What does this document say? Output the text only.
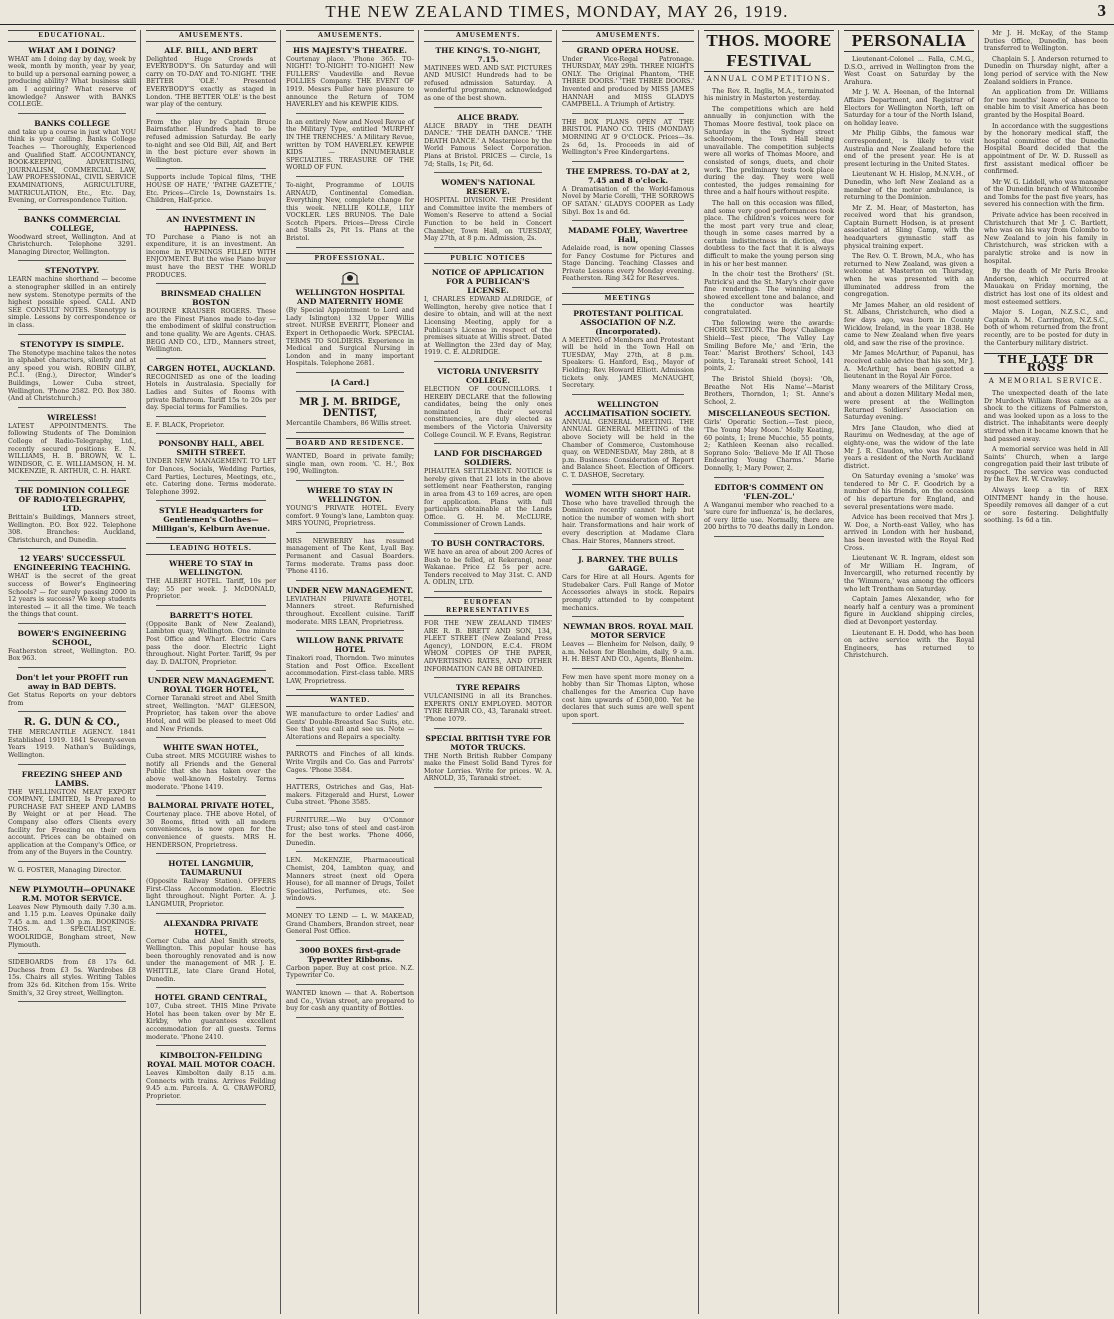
THE NEW ZEALAND TIMES, MONDAY, MAY 26, 1919.	3
EDUCATIONAL.
WHAT AM I DOING?
WHAT am I doing day by day, week by week, month by month, year by year, to build up a personal earning power, a producing ability? What business skill am I acquiring? What reserve of knowledge? Answer with BANKS COLLEGE.
BANKS COLLEGE
and take up a course in just what YOU think is your calling. Banks College Teaches — Thoroughly, Experienced and Qualified Staff. ACCOUNTANCY, BOOK-KEEPING, ADVERTISING, JOURNALISM, COMMERCIAL LAW, LAW PROFESSIONAL, CIVIL SERVICE EXAMINATIONS, AGRICULTURE, MATRICULATION, Etc., Etc. Day, Evening, or Correspondence Tuition.
BANKS COMMERCIAL COLLEGE,
Woodward street, Wellington. And at Christchurch. Telephone 3291. Managing Director, Wellington.
STENOTYPY.
LEARN machine shorthand — become a stenographer skilled in an entirely new system. Stenotype permits of the highest possible speed. CALL AND SEE CONSULT NOTES. Stenotypy is simple. Lessons by correspondence or in class.
STENOTYPY IS SIMPLE.
The Stenotype machine takes the notes in alphabet characters, silently and at any speed you wish. ROBIN GILBY, P.C.I. (Eng.), Director, Winder's Buildings, Lower Cuba street, Wellington. 'Phone 2582. P.O. Box 380. (And at Christchurch.)
WIRELESS!
LATEST APPOINTMENTS. The following Students of The Dominion College of Radio-Telegraphy, Ltd., recently secured positions: E. N. WILLIAMS, H. B. BROWN, W. L. WINDSOR, C. E. WILLIAMSON, H. M. MCKENZIE, R. ARTHUR, C. H. HART.
THE DOMINION COLLEGE OF RADIO-TELEGRAPHY, LTD.
Brittain's Buildings, Manners street, Wellington. P.O. Box 922. Telephone 308. Branches: Auckland, Christchurch, and Dunedin.
12 YEARS' SUCCESSFUL ENGINEERING TEACHING.
WHAT is the secret of the great success of Bower's Engineering Schools? — for surely passing 2000 in 12 years is success? We keep students interested — it all the time. We teach the things that count.
BOWER'S ENGINEERING SCHOOL,
Featherston street, Wellington. P.O. Box 963.
Don't let your PROFIT run away in BAD DEBTS.
Get Status Reports on your debtors from
R. G. DUN & CO.,
THE MERCANTILE AGENCY. 1841 Established 1919. 1841 Seventy-seven Years 1919. Nathan's Buildings, Wellington.
FREEZING SHEEP AND LAMBS.
THE WELLINGTON MEAT EXPORT COMPANY, LIMITED, Is Prepared to PURCHASE FAT SHEEP AND LAMBS By Weight or at per Head. The Company also offers Clients every facility for Freezing on their own account. Prices can be obtained on application at the Company's Office, or from any of the Buyers in the Country.
W. G. FOSTER, Managing Director.
NEW PLYMOUTH—OPUNAKE R.M. MOTOR SERVICE.
Leaves New Plymouth daily 7.30 a.m. and 1.15 p.m. Leaves Opunake daily 7.45 a.m. and 1.30 p.m. BOOKINGS: THOS. A. SPECIALIST, E. WOOLRIDGE, Bongham street, New Plymouth.
SIDEBOARDS from £8 17s 6d. Duchess from £3 5s. Wardrobes £8 15s. Chairs all styles. Writing Tables from 32s 6d. Kitchen from 15s. Write Smith's, 32 Grey street, Wellington.
AMUSEMENTS.
ALF. BILL, AND BERT
Delighted Huge Crowds at EVERYBODY'S. On Saturday and will carry on TO-DAY and TO-NIGHT. 'THE BETTER 'OLE.' Presented EVERYBODY'S exactly as staged in London. 'THE BETTER 'OLE' is the best war play of the century.
From the play by Captain Bruce Bairnsfather. Hundreds had to be refused admission Saturday. Be early to-night and see Old Bill, Alf, and Bert in the best picture ever shown in Wellington.
Supports include Topical films, 'THE HOUSE OF HATE,' 'PATHE GAZETTE,' Etc. Prices—Circle 1s, Downstairs 1s. Children, Half-price.
AN INVESTMENT IN HAPPINESS.
TO Purchase a Piano is not an expenditure, it is an investment. An income in EVENINGS FILLED WITH ENJOYMENT. But the wise Piano buyer must have the BEST THE WORLD PRODUCES.
BRINSMEAD CHALLEN BOSTON
BOURNE KRAUSER ROGERS. These are the Finest Pianos made to-day — the embodiment of skilful construction and tone quality. We are Agents. CHAS. BEGG AND CO., LTD., Manners street, Wellington.
CARGEN HOTEL, AUCKLAND.
RECOGNISED as one of the leading Hotels in Australasia. Specially for Ladies and Suites of Rooms with private Bathroom. Tariff 15s to 20s per day. Special terms for Families.
E. F. BLACK, Proprietor.
PONSONBY HALL, ABEL SMITH STREET.
UNDER NEW MANAGEMENT. TO LET for Dances, Socials, Wedding Parties, Card Parties, Lectures, Meetings, etc., etc. Catering done. Terms moderate. Telephone 3992.
STYLE Headquarters for Gentlemen's Clothes—Milligan's, Kelburn Avenue.
LEADING HOTELS.
WHERE TO STAY in WELLINGTON.
THE ALBERT HOTEL. Tariff, 10s per day; 55 per week. J. McDONALD, Proprietor.
BARRETT'S HOTEL
(Opposite Bank of New Zealand), Lambton quay, Wellington. One minute Post Office and Wharf. Electric Cars pass the door. Electric Light throughout. Night Porter. Tariff, 9s per day. D. DALTON, Proprietor.
UNDER NEW MANAGEMENT. ROYAL TIGER HOTEL,
Corner Taranaki street and Abel Smith street, Wellington. 'MAT' GLEESON, Proprietor, has taken over the above Hotel, and will be pleased to meet Old and New Friends.
WHITE SWAN HOTEL,
Cuba street. MRS MCGUIRE wishes to notify all Friends and the General Public that she has taken over the above well-known Hostelry. Terms moderate. 'Phone 1419.
BALMORAL PRIVATE HOTEL,
Courtenay place. THE above Hotel, of 30 Rooms, fitted with all modern conveniences, is now open for the convenience of guests. MRS H. HENDERSON, Proprietress.
HOTEL LANGMUIR, TAUMARUNUI
(Opposite Railway Station). OFFERS First-Class Accommodation. Electric light throughout. Night Porter. A. J. LANGMUIR, Proprietor.
ALEXANDRA PRIVATE HOTEL,
Corner Cuba and Abel Smith streets, Wellington. This popular house has been thoroughly renovated and is now under the management of MR J. E. WHITTLE, late Clare Grand Hotel, Dunedin.
HOTEL GRAND CENTRAL,
107, Cuba street. THIS Mine Private Hotel has been taken over by Mr E. Kirkby, who guarantees excellent accommodation for all guests. Terms moderate. 'Phone 2410.
KIMBOLTON-FEILDING ROYAL MAIL MOTOR COACH.
Leaves Kimbolton daily 8.15 a.m. Connects with trains. Arrives Feilding 9.45 a.m. Parcels. A. G. CRAWFORD, Proprietor.
AMUSEMENTS.
HIS MAJESTY'S THEATRE.
Courtenay place. 'Phone 365. TO-NIGHT! TO-NIGHT! TO-NIGHT! New FULLERS' Vaudeville and Revue FOLLIES Company. THE EVENT OF 1919. Messrs Fuller have pleasure to announce the Return of TOM HAVERLEY and his KEWPIE KIDS.
In an entirely New and Novel Revue of the Military Type, entitled 'MURPHY IN THE TRENCHES.' A Military Revue, written by TOM HAVERLEY. KEWPIE KIDS — INNUMERABLE SPECIALTIES. TREASURE OF THE WORLD OF FUN.
To-night, Programme of LOUIS ARNAUD, Continental Comedian. Everything New, complete change for this week. NELLIE KOLLE, LILY VOCKLER. LES BRUNOS. The Dale Scotch Pipers. Prices—Dress Circle and Stalls 2s, Pit 1s. Plans at the Bristol.
PROFESSIONAL.
WELLINGTON HOSPITAL AND MATERNITY HOME
(By Special Appointment to Lord and Lady Islington) 132 Upper Willis street. NURSE EVERITT, Pioneer and Expert in Orthopaedic Work. SPECIAL TERMS TO SOLDIERS. Experience in Medical and Surgical Nursing in London and in many important Hospitals. Telephone 2681.
[A Card.]
MR J. M. BRIDGE, DENTIST,
Mercantile Chambers, 86 Willis street.
BOARD AND RESIDENCE.
WANTED, Board in private family; single man, own room. 'C. H.', Box 190, Wellington.
WHERE TO STAY IN WELLINGTON.
YOUNG'S PRIVATE HOTEL. Every comfort. 9 Young's lane, Lambton quay. MRS YOUNG, Proprietress.
MRS NEWBERRY has resumed management of The Kent, Lyall Bay. Permanent and Casual Boarders. Terms moderate. Trams pass door. 'Phone 4116.
UNDER NEW MANAGEMENT.
LEVIATHAN PRIVATE HOTEL, Manners street. Refurnished throughout. Excellent cuisine. Tariff moderate. MRS LEAN, Proprietress.
WILLOW BANK PRIVATE HOTEL
Tinakori road, Thorndon. Two minutes Station and Post Office. Excellent accommodation. First-class table. MRS LAW, Proprietress.
WANTED.
WE manufacture to order Ladies' and Gents' Double-Breasted Sac Suits, etc. See that you call and see us. Note — Alterations and Repairs a specialty.
PARROTS and Finches of all kinds. Write Virgils and Co. Gas and Parrots' Cages. 'Phone 3584.
HATTERS, Ostriches and Gas, Hat-makers. Fitzgerald and Hurst, Lower Cuba street. 'Phone 3585.
FURNITURE.—We buy O'Connor Trust; also tons of steel and cast-iron for the best works. 'Phone 4066, Dunedin.
LEN. McKENZIE, Pharmaceutical Chemist, 204, Lambton quay, and Manners street (next old Opera House), for all manner of Drugs, Toilet Specialties, Perfumes, etc. See windows.
MONEY TO LEND — L. W. MAKEAD, Grand Chambers, Brandon street, near General Post Office.
3000 BOXES first-grade Typewriter Ribbons.
Carbon paper. Buy at cost price. N.Z. Typewriter Co.
WANTED known — that A. Robertson and Co., Vivian street, are prepared to buy for cash any quantity of Bottles.
AMUSEMENTS.
THE KING'S. TO-NIGHT, 7.15.
MATINEES WED. AND SAT. PICTURES AND MUSIC! Hundreds had to be refused admission Saturday. A wonderful programme, acknowledged as one of the best shown.
ALICE BRADY.
ALICE BRADY in 'THE DEATH DANCE.' 'THE DEATH DANCE.' 'THE DEATH DANCE.' A Masterpiece by the World Famous Select Corporation. Plans at Bristol. PRICES — Circle, 1s 7d; Stalls, 1s; Pit, 6d.
WOMEN'S NATIONAL RESERVE.
HOSPITAL DIVISION. THE President and Committee invite the members of Women's Reserve to attend a Social Function to be held in Concert Chamber, Town Hall, on TUESDAY, May 27th, at 8 p.m. Admission, 2s.
PUBLIC NOTICES
NOTICE OF APPLICATION FOR A PUBLICAN'S LICENSE.
I, CHARLES EDWARD ALDRIDGE, of Wellington, hereby give notice that I desire to obtain, and will at the next Licensing Meeting, apply for a Publican's License in respect of the premises situate at Willis street. Dated at Wellington the 23rd day of May, 1919. C. E. ALDRIDGE.
VICTORIA UNIVERSITY COLLEGE.
ELECTION OF COUNCILLORS. I HEREBY DECLARE that the following candidates, being the only ones nominated in their several constituencies, are duly elected as members of the Victoria University College Council. W. F. Evans, Registrar.
LAND FOR DISCHARGED SOLDIERS.
PIHAUTEA SETTLEMENT. NOTICE is hereby given that 21 lots in the above settlement near Featherston, ranging in area from 43 to 169 acres, are open for application. Plans with full particulars obtainable at the Lands Office. G. H. M. McCLURE, Commissioner of Crown Lands.
TO BUSH CONTRACTORS.
WE have an area of about 200 Acres of Bush to be felled, at Rekerangi, near Wakanae. Price £2 5s per acre. Tenders received to May 31st. C. AND A. ODLIN, LTD.
EUROPEAN REPRESENTATIVES
FOR THE 'NEW ZEALAND TIMES' ARE R. B. BRETT AND SON, 134, FLEET STREET (New Zealand Press Agency), LONDON, E.C.4. FROM WHOM COPIES OF THE PAPER, ADVERTISING RATES, AND OTHER INFORMATION CAN BE OBTAINED.
TYRE REPAIRS
VULCANISING in all its Branches. EXPERTS ONLY EMPLOYED. MOTOR TYRE REPAIR CO., 43, Taranaki street. 'Phone 1079.
SPECIAL BRITISH TYRE FOR MOTOR TRUCKS.
THE North British Rubber Company make the Finest Solid Band Tyres for Motor Lorries. Write for prices. W. A. ARNOLD, 35, Taranaki street.
AMUSEMENTS.
GRAND OPERA HOUSE.
Under Vice-Regal Patronage. THURSDAY, MAY 29th. THREE NIGHTS ONLY. The Original Phantom, 'THE THREE DOORS.' 'THE THREE DOORS.' Invented and produced by MISS JAMES HANNAH and MISS GLADYS CAMPBELL. A Triumph of Artistry.
THE BOX PLANS OPEN AT THE BRISTOL PIANO CO. THIS (MONDAY) MORNING AT 9 O'CLOCK. Prices—3s. 2s 6d, 1s. Proceeds in aid of Wellington's Free Kindergartens.
THE EMPRESS. TO-DAY at 2, 7.45 and 8 o'clock.
A Dramatisation of the World-famous Novel by Marie Corelli, 'THE SORROWS OF SATAN.' GLADYS COOPER as Lady Sibyl. Box 1s and 6d.
MADAME FOLEY, Wavertree Hall,
Adelaide road, is now opening Classes for Fancy Costume for Pictures and Stage Dancing. Teaching Classes and Private Lessons every Monday evening. Featherston. Ring 342 for Reserves.
MEETINGS
PROTESTANT POLITICAL ASSOCIATION OF N.Z. (Incorporated).
A MEETING of Members and Protestant will be held in the Town Hall on TUESDAY, May 27th, at 8 p.m. Speakers: G. Hanford, Esq., Mayor of Fielding; Rev. Howard Elliott. Admission tickets only. JAMES McNAUGHT, Secretary.
WELLINGTON ACCLIMATISATION SOCIETY.
ANNUAL GENERAL MEETING. THE ANNUAL GENERAL MEETING of the above Society will be held in the Chamber of Commerce, Customhouse quay, on WEDNESDAY, May 28th, at 8 p.m. Business: Consideration of Report and Balance Sheet. Election of Officers. C. T. DASHOE, Secretary.
WOMEN WITH SHORT HAIR.
Those who have travelled through the Dominion recently cannot help but notice the number of women with short hair. Transformations and hair work of every description at Madame Clara Chas. Hair Stores, Manners street.
J. BARNEY. THE BULLS GARAGE.
Cars for Hire at all Hours. Agents for Studebaker Cars. Full Range of Motor Accessories always in stock. Repairs promptly attended to by competent mechanics.
NEWMAN BROS. ROYAL MAIL MOTOR SERVICE
Leaves — Blenheim for Nelson, daily, 9 a.m. Nelson for Blenheim, daily, 9 a.m. H. H. BEST AND CO., Agents, Blenheim.
Few men have spent more money on a hobby than Sir Thomas Lipton, whose challenges for the America Cup have cost him upwards of £500,000. Yet he declares that such sums are well spent upon sport.
THOS. MOORE FESTIVAL
ANNUAL COMPETITIONS.

The Rev. R. Inglis, M.A., terminated his ministry in Masterton yesterday.

The competitions which are held annually in conjunction with the Thomas Moore festival, took place on Saturday in the Sydney street schoolroom, the Town Hall being unavailable. The competition subjects were all works of Thomas Moore, and consisted of songs, duets, and choir work. The preliminary tests took place during the day. They were well contested, the judges remaining for three and a half hours without respite.

The hall on this occasion was filled, and some very good performances took place. The children's voices were for the most part very true and clear, though in some cases marred by a certain indistinctness in diction, due doubtless to the fact that it is always difficult to make the young person sing in his or her best manner.

In the choir test the Brothers' (St. Patrick's) and the St. Mary's choir gave fine renderings. The winning choir showed excellent tone and balance, and the conductor was heartily congratulated.

The following were the awards: CHOIR SECTION. The Boys' Challenge Shield—Test piece, 'The Valley Lay Smiling Before Me,' and 'Erin, the Tear.' Marist Brothers' School, 143 points, 1; Taranaki street School, 141 points, 2.

The Bristol Shield (boys): 'Oh, Breathe Not His Name'—Marist Brothers, Thorndon, 1; St. Anne's School, 2.

MISCELLANEOUS SECTION.
Girls' Operatic Section.—Test piece, 'The Young May Moon.' Molly Keating, 60 points, 1; Irene Mucchie, 55 points, 2; Kathleen Keenan also recalled. Soprano Solo: 'Believe Me If All Those Endearing Young Charms.' Marie Donnelly, 1; Mary Power, 2.
EDITOR'S COMMENT ON 'FLEN-ZOL.'
A Wanganui member who reached to a 'sure cure for influenza' is, he declares, of very little use. Normally, there are 200 births to 70 deaths daily in London.
PERSONALIA

Lieutenant-Colonel ... Falla, C.M.G., D.S.O., arrived in Wellington from the West Coast on Saturday by the Arahura.

Mr J. W. A. Heenan, of the Internal Affairs Department, and Registrar of Electors for Wellington North, left on Saturday for a tour of the North Island, on holiday leave.

Mr Philip Gibbs, the famous war correspondent, is likely to visit Australia and New Zealand before the end of the present year. He is at present lecturing in the United States.

Lieutenant W. H. Hislop, M.N.V.H., of Dunedin, who left New Zealand as a member of the motor ambulance, is returning to the Dominion.

Mr Z. M. Hear, of Masterton, has received word that his grandson, Captain Burnett Hodson, is at present associated at Sling Camp, with the headquarters gymnastic staff as physical training expert.

The Rev. O. T. Brown, M.A., who has returned to New Zealand, was given a welcome at Masterton on Thursday, when he was presented with an illuminated address from the congregation.

Mr James Maher, an old resident of St. Albans, Christchurch, who died a few days ago, was born in County Wicklow, Ireland, in the year 1838. He came to New Zealand when five years old, and saw the rise of the province.

Mr James McArthur, of Papanui, has received cable advice that his son, Mr J. A. McArthur, has been gazetted a lieutenant in the Royal Air Force.

Many wearers of the Military Cross, and about a dozen Military Medal men, were present at the Wellington Returned Soldiers' Association on Saturday evening.

Mrs Jane Claudon, who died at Raurimu on Wednesday, at the age of eighty-one, was the widow of the late Mr J. R. Claudon, who was for many years a resident of the North Auckland district.

On Saturday evening a 'smoke' was tendered to Mr C. F. Goodrich by a number of his friends, on the occasion of his departure for England, and several presentations were made.

Advice has been received that Mrs J. W. Doe, a North-east Valley, who has arrived in London with her husband, has been invested with the Royal Red Cross.

Lieutenant W. R. Ingram, eldest son of Mr William H. Ingram, of Invercargill, who returned recently by the 'Wimmera,' was among the officers who left Trentham on Saturday.

Captain James Alexander, who for nearly half a century was a prominent figure in Auckland shipping circles, died at Devonport yesterday.

Lieutenant E. H. Dodd, who has been on active service with the Royal Engineers, has returned to Christchurch.

Mr J. H. McKay, of the Stamp Duties Office, Dunedin, has been transferred to Wellington.

Chaplain S. J. Anderson returned to Dunedin on Thursday night, after a long period of service with the New Zealand soldiers in France.

An application from Dr. Williams for two months' leave of absence to enable him to visit America has been granted by the Hospital Board.

In accordance with the suggestions by the honorary medical staff, the hospital committee of the Dunedin Hospital Board decided that the appointment of Dr. W. D. Russell as first assistant medical officer be confirmed.

Mr W. G. Liddell, who was manager of the Dunedin branch of Whitcombe and Tombs for the past five years, has severed his connection with the firm.

Private advice has been received in Christchurch that Mr J. C. Bartlett, who was on his way from Colombo to New Zealand to join his family in Christchurch, was stricken with a paralytic stroke and is now in hospital.

By the death of Mr Paris Brooke Anderson, which occurred at Mauakau on Friday morning, the district has lost one of its oldest and most esteemed settlers.

Major S. Logan, N.Z.S.C., and Captain A. M. Carrington, N.Z.S.C., both of whom returned from the front recently, are to be posted for duty in the Canterbury military district.

THE LATE DR ROSS
A MEMORIAL SERVICE.

The unexpected death of the late Dr Murdoch William Ross came as a shock to the citizens of Palmerston, and was looked upon as a loss to the district. The inhabitants were deeply stirred when it became known that he had passed away.

A memorial service was held in All Saints' Church, when a large congregation paid their last tribute of respect. The service was conducted by the Rev. H. W. Crawley.

Always keep a tin of REX OINTMENT handy in the house. Speedily removes all danger of a cut or sore festering. Delightfully soothing. 1s 6d a tin.
